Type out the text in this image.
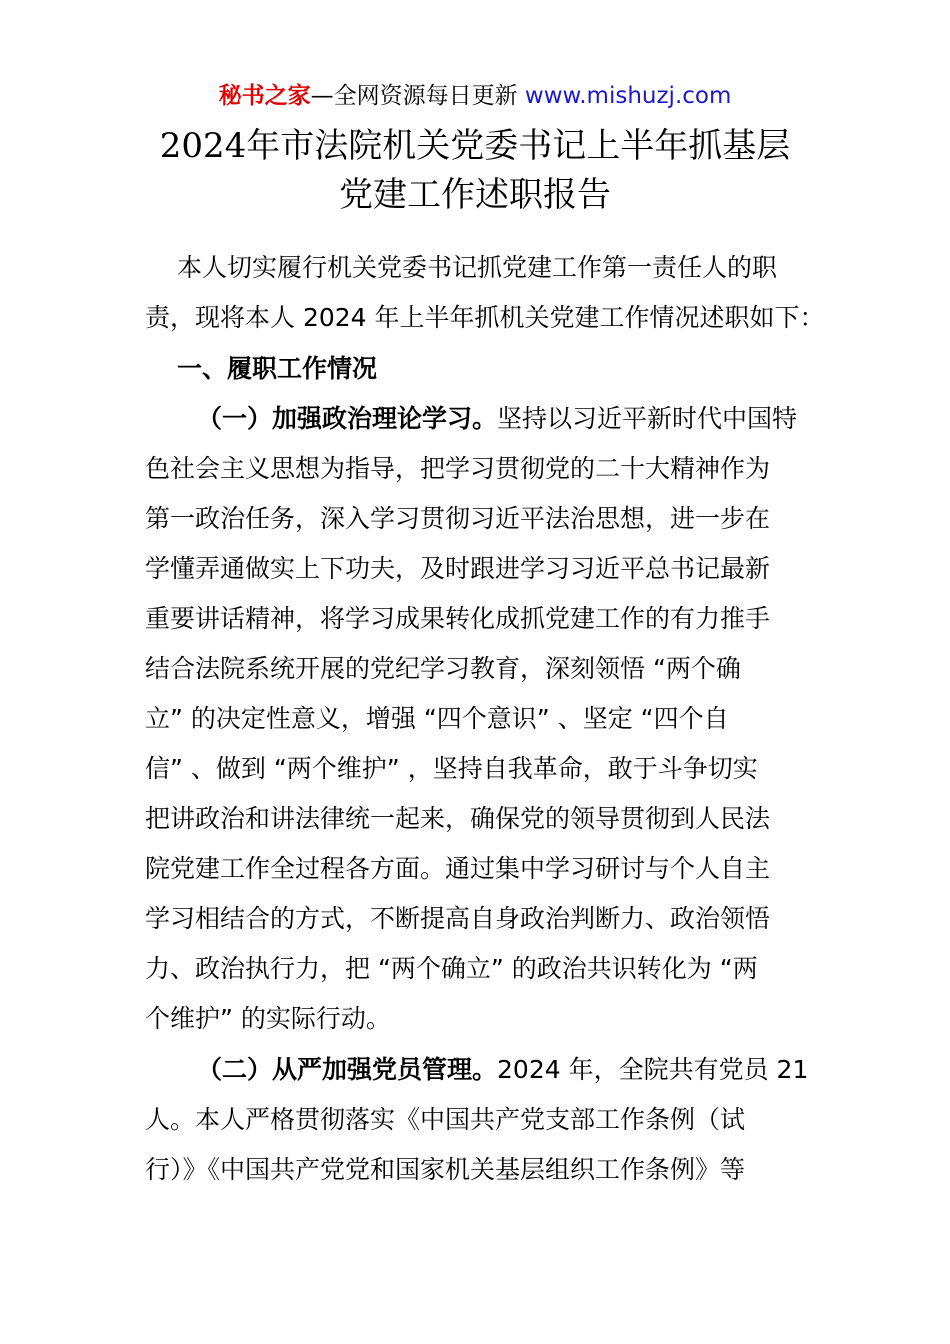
秘书之家—全网资源每日更新 www.mishuzj.com
2024年市法院机关党委书记上半年抓基层
党建工作述职报告
本人切实履行机关党委书记抓党建工作第一责任人的职
责，现将本人 2024 年上半年抓机关党建工作情况述职如下：
一、履职工作情况
（一）加强政治理论学习。坚持以习近平新时代中国特
色社会主义思想为指导，把学习贯彻党的二十大精神作为
第一政治任务，深入学习贯彻习近平法治思想，进一步在
学懂弄通做实上下功夫，及时跟进学习习近平总书记最新
重要讲话精神，将学习成果转化成抓党建工作的有力推手
结合法院系统开展的党纪学习教育，深刻领悟 “两个确
立” 的决定性意义，增强 “四个意识” 、坚定 “四个自
信” 、做到 “两个维护” ，坚持自我革命，敢于斗争切实
把讲政治和讲法律统一起来，确保党的领导贯彻到人民法
院党建工作全过程各方面。通过集中学习研讨与个人自主
学习相结合的方式，不断提高自身政治判断力、政治领悟
力、政治执行力，把 “两个确立” 的政治共识转化为 “两
个维护” 的实际行动。
（二）从严加强党员管理。2024 年，全院共有党员 21
人。本人严格贯彻落实《中国共产党支部工作条例（试
行）》《中国共产党党和国家机关基层组织工作条例》等
